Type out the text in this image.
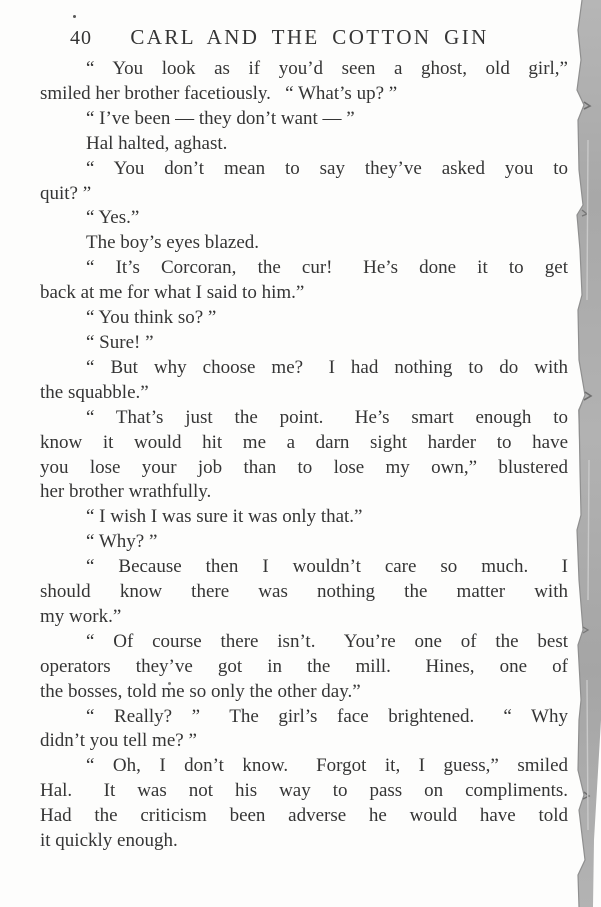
40	CARL AND THE COTTON GIN
“ You look as if you’d seen a ghost, old girl,”
smiled her brother facetiously.  “ What’s up? ”
“ I’ve been — they don’t want — ”
Hal halted, aghast.
“ You don’t mean to say they’ve asked you to
quit? ”
“ Yes.”
The boy’s eyes blazed.
“ It’s Corcoran, the cur!  He’s done it to get
back at me for what I said to him.”
“ You think so? ”
“ Sure! ”
“ But why choose me?  I had nothing to do with
the squabble.”
“ That’s just the point.  He’s smart enough to
know it would hit me a darn sight harder to have
you lose your job than to lose my own,” blustered
her brother wrathfully.
“ I wish I was sure it was only that.”
“ Why? ”
“ Because then I wouldn’t care so much.  I
should know there was nothing the matter with
my work.”
“ Of course there isn’t.  You’re one of the best
operators they’ve got in the mill.  Hines, one of
the bosses, told me so only the other day.”
“ Really? ”  The girl’s face brightened.  “ Why
didn’t you tell me? ”
“ Oh, I don’t know.  Forgot it, I guess,” smiled
Hal.  It was not his way to pass on compliments.
Had the criticism been adverse he would have told
it quickly enough.
